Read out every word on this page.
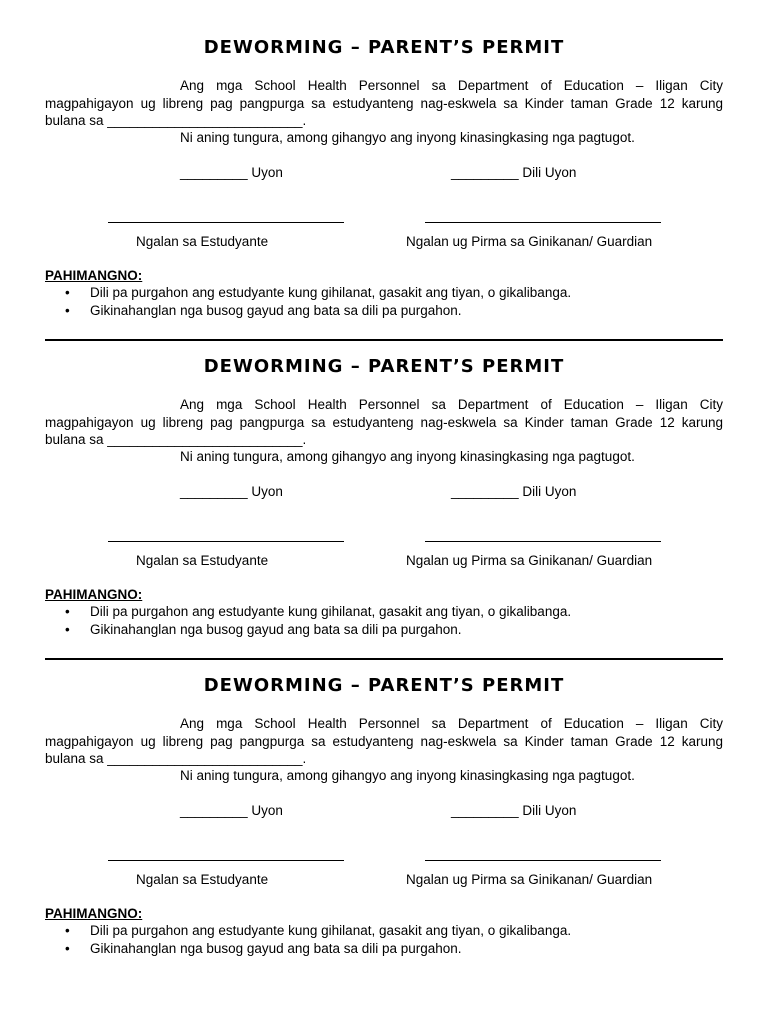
DEWORMING – PARENT’S PERMIT

Ang mga School Health Personnel sa Department of Education – Iligan City magpahigayon ug libreng pag pangpurga sa estudyanteng nag-eskwela sa Kinder taman Grade 12 karung bulana sa __________________________.

Ni aning tungura, among gihangyo ang inyong kinasingkasing nga pagtugot.

_________ Uyon	_________ Dili Uyon
Ngalan sa Estudyante	Ngalan ug Pirma sa Ginikanan/ Guardian
PAHIMANGNO:
• Dili pa purgahon ang estudyante kung gihilanat, gasakit ang tiyan, o gikalibanga.
• Gikinahanglan nga busog gayud ang bata sa dili pa purgahon.
DEWORMING – PARENT’S PERMIT

Ang mga School Health Personnel sa Department of Education – Iligan City magpahigayon ug libreng pag pangpurga sa estudyanteng nag-eskwela sa Kinder taman Grade 12 karung bulana sa __________________________.

Ni aning tungura, among gihangyo ang inyong kinasingkasing nga pagtugot.

_________ Uyon	_________ Dili Uyon
Ngalan sa Estudyante	Ngalan ug Pirma sa Ginikanan/ Guardian
PAHIMANGNO:
• Dili pa purgahon ang estudyante kung gihilanat, gasakit ang tiyan, o gikalibanga.
• Gikinahanglan nga busog gayud ang bata sa dili pa purgahon.
DEWORMING – PARENT’S PERMIT

Ang mga School Health Personnel sa Department of Education – Iligan City magpahigayon ug libreng pag pangpurga sa estudyanteng nag-eskwela sa Kinder taman Grade 12 karung bulana sa __________________________.

Ni aning tungura, among gihangyo ang inyong kinasingkasing nga pagtugot.

_________ Uyon	_________ Dili Uyon
Ngalan sa Estudyante	Ngalan ug Pirma sa Ginikanan/ Guardian
PAHIMANGNO:
• Dili pa purgahon ang estudyante kung gihilanat, gasakit ang tiyan, o gikalibanga.
• Gikinahanglan nga busog gayud ang bata sa dili pa purgahon.
